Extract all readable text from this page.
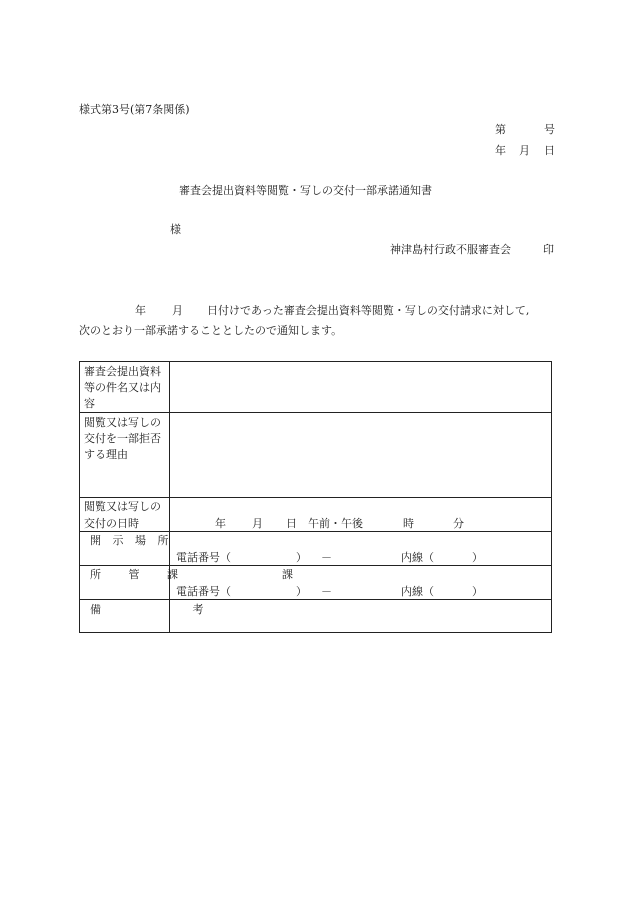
様式第3号(第7条関係)
第	号
年 月 日
審査会提出資料等閲覧・写しの交付一部承諾通知書
様
神津島村行政不服審査会	印
年 月 日付けであった審査会提出資料等閲覧・写しの交付請求に対して,
次のとおり一部承諾することとしたので通知します。
審査会提出資料等の件名又は内容
閲覧又は写しの交付を一部拒否する理由
閲覧又は写しの
交付の日時	年 月 日 午前・午後	時	分
開 示 場 所
電話番号（	） －	内線（	）
所 管 課	課
電話番号（	） －	内線（	）
備 考
